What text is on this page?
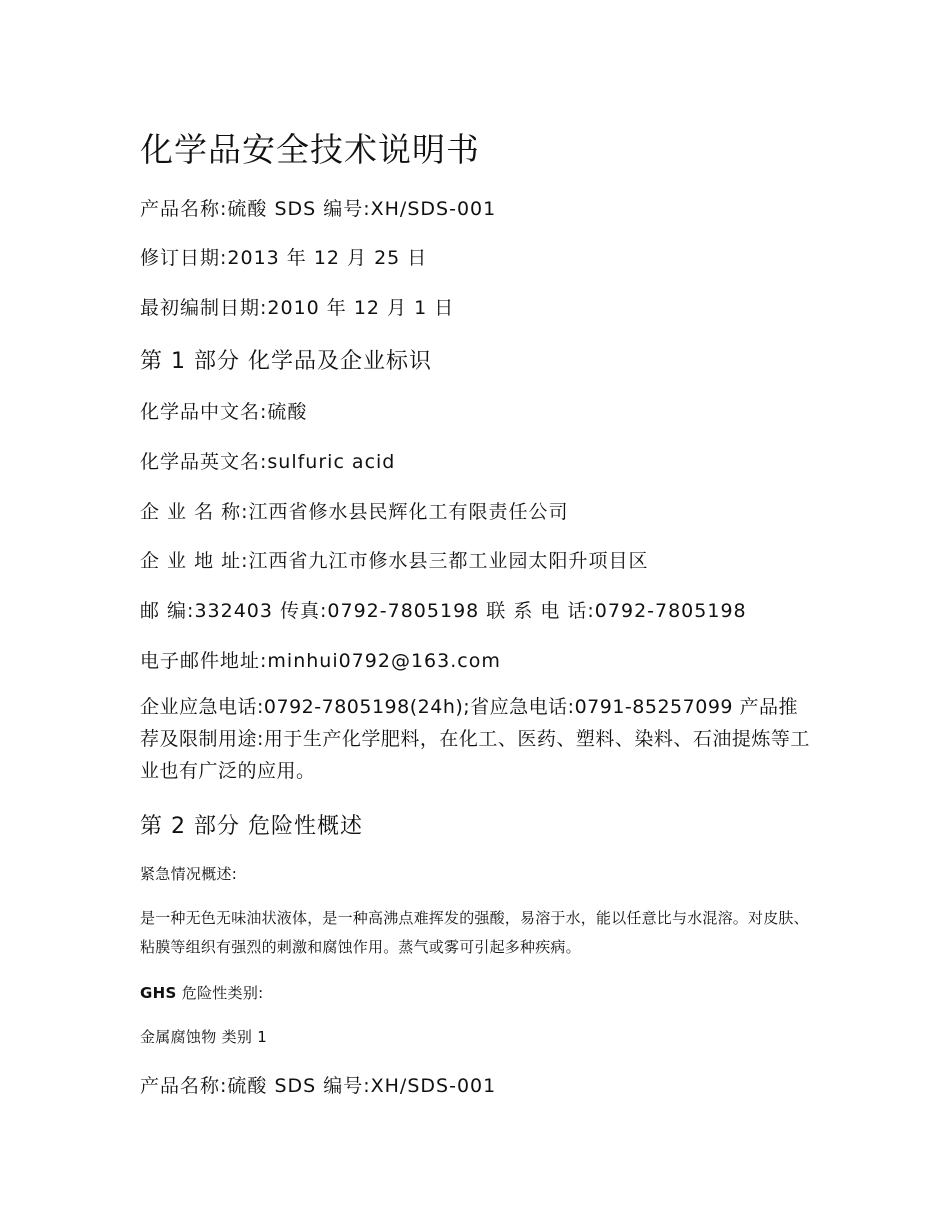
化学品安全技术说明书

产品名称:硫酸 SDS 编号:XH/SDS-001

修订日期:2013 年 12 月 25 日

最初编制日期:2010 年 12 月 1 日

第 1 部分 化学品及企业标识

化学品中文名:硫酸

化学品英文名:sulfuric acid

企 业 名 称:江西省修水县民辉化工有限责任公司

企 业 地 址:江西省九江市修水县三都工业园太阳升项目区

邮 编:332403 传真:0792-7805198 联 系 电 话:0792-7805198

电子邮件地址:minhui0792@163.com

企业应急电话:0792-7805198(24h);省应急电话:0791-85257099 产品推荐及限制用途:用于生产化学肥料，在化工、医药、塑料、染料、石油提炼等工业也有广泛的应用。

第 2 部分 危险性概述

紧急情况概述:

是一种无色无味油状液体，是一种高沸点难挥发的强酸，易溶于水，能以任意比与水混溶。对皮肤、粘膜等组织有强烈的刺激和腐蚀作用。蒸气或雾可引起多种疾病。

GHS 危险性类别:

金属腐蚀物 类别 1

产品名称:硫酸 SDS 编号:XH/SDS-001
